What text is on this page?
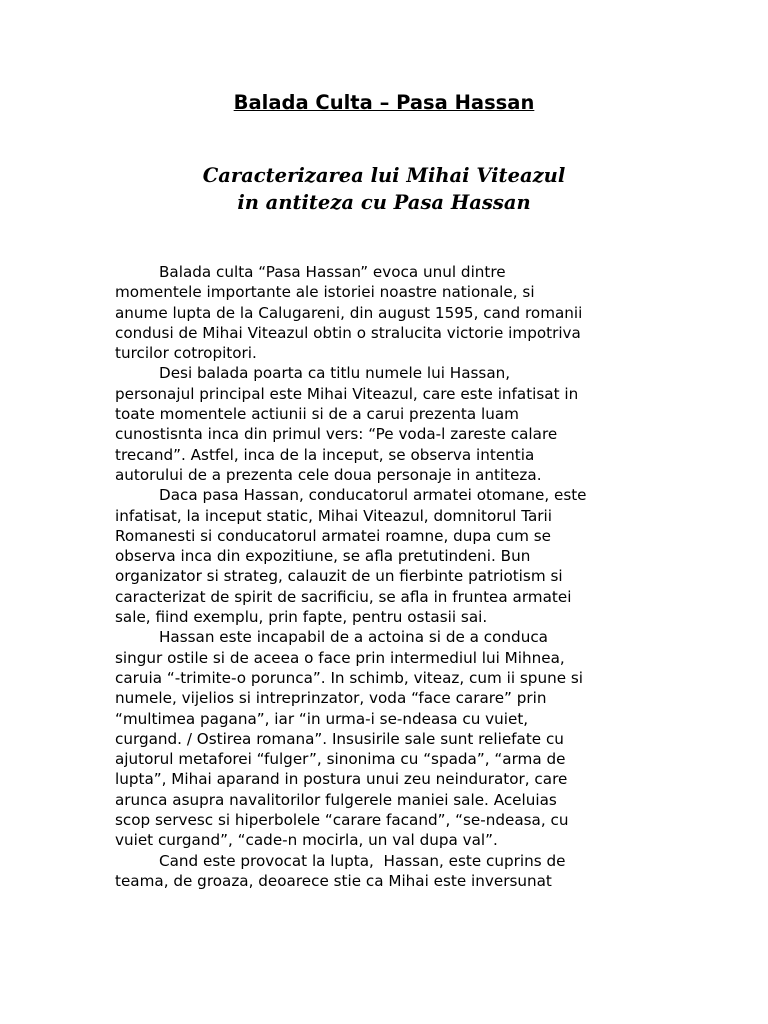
Balada Culta – Pasa Hassan
Caracterizarea lui Mihai Viteazul
in antiteza cu Pasa Hassan
Balada culta “Pasa Hassan” evoca unul dintre
momentele importante ale istoriei noastre nationale, si
anume lupta de la Calugareni, din august 1595, cand romanii
condusi de Mihai Viteazul obtin o stralucita victorie impotriva
turcilor cotropitori.
Desi balada poarta ca titlu numele lui Hassan,
personajul principal este Mihai Viteazul, care este infatisat in
toate momentele actiunii si de a carui prezenta luam
cunostisnta inca din primul vers: “Pe voda-l zareste calare
trecand”. Astfel, inca de la inceput, se observa intentia
autorului de a prezenta cele doua personaje in antiteza.
Daca pasa Hassan, conducatorul armatei otomane, este
infatisat, la inceput static, Mihai Viteazul, domnitorul Tarii
Romanesti si conducatorul armatei roamne, dupa cum se
observa inca din expozitiune, se afla pretutindeni. Bun
organizator si strateg, calauzit de un fierbinte patriotism si
caracterizat de spirit de sacrificiu, se afla in fruntea armatei
sale, fiind exemplu, prin fapte, pentru ostasii sai.
Hassan este incapabil de a actoina si de a conduca
singur ostile si de aceea o face prin intermediul lui Mihnea,
caruia “-trimite-o porunca”. In schimb, viteaz, cum ii spune si
numele, vijelios si intreprinzator, voda “face carare” prin
“multimea pagana”, iar “in urma-i se-ndeasa cu vuiet,
curgand. / Ostirea romana”. Insusirile sale sunt reliefate cu
ajutorul metaforei “fulger”, sinonima cu “spada”, “arma de
lupta”, Mihai aparand in postura unui zeu neindurator, care
arunca asupra navalitorilor fulgerele maniei sale. Aceluias
scop servesc si hiperbolele “carare facand”, “se-ndeasa, cu
vuiet curgand”, “cade-n mocirla, un val dupa val”.
Cand este provocat la lupta,  Hassan, este cuprins de
teama, de groaza, deoarece stie ca Mihai este inversunat
